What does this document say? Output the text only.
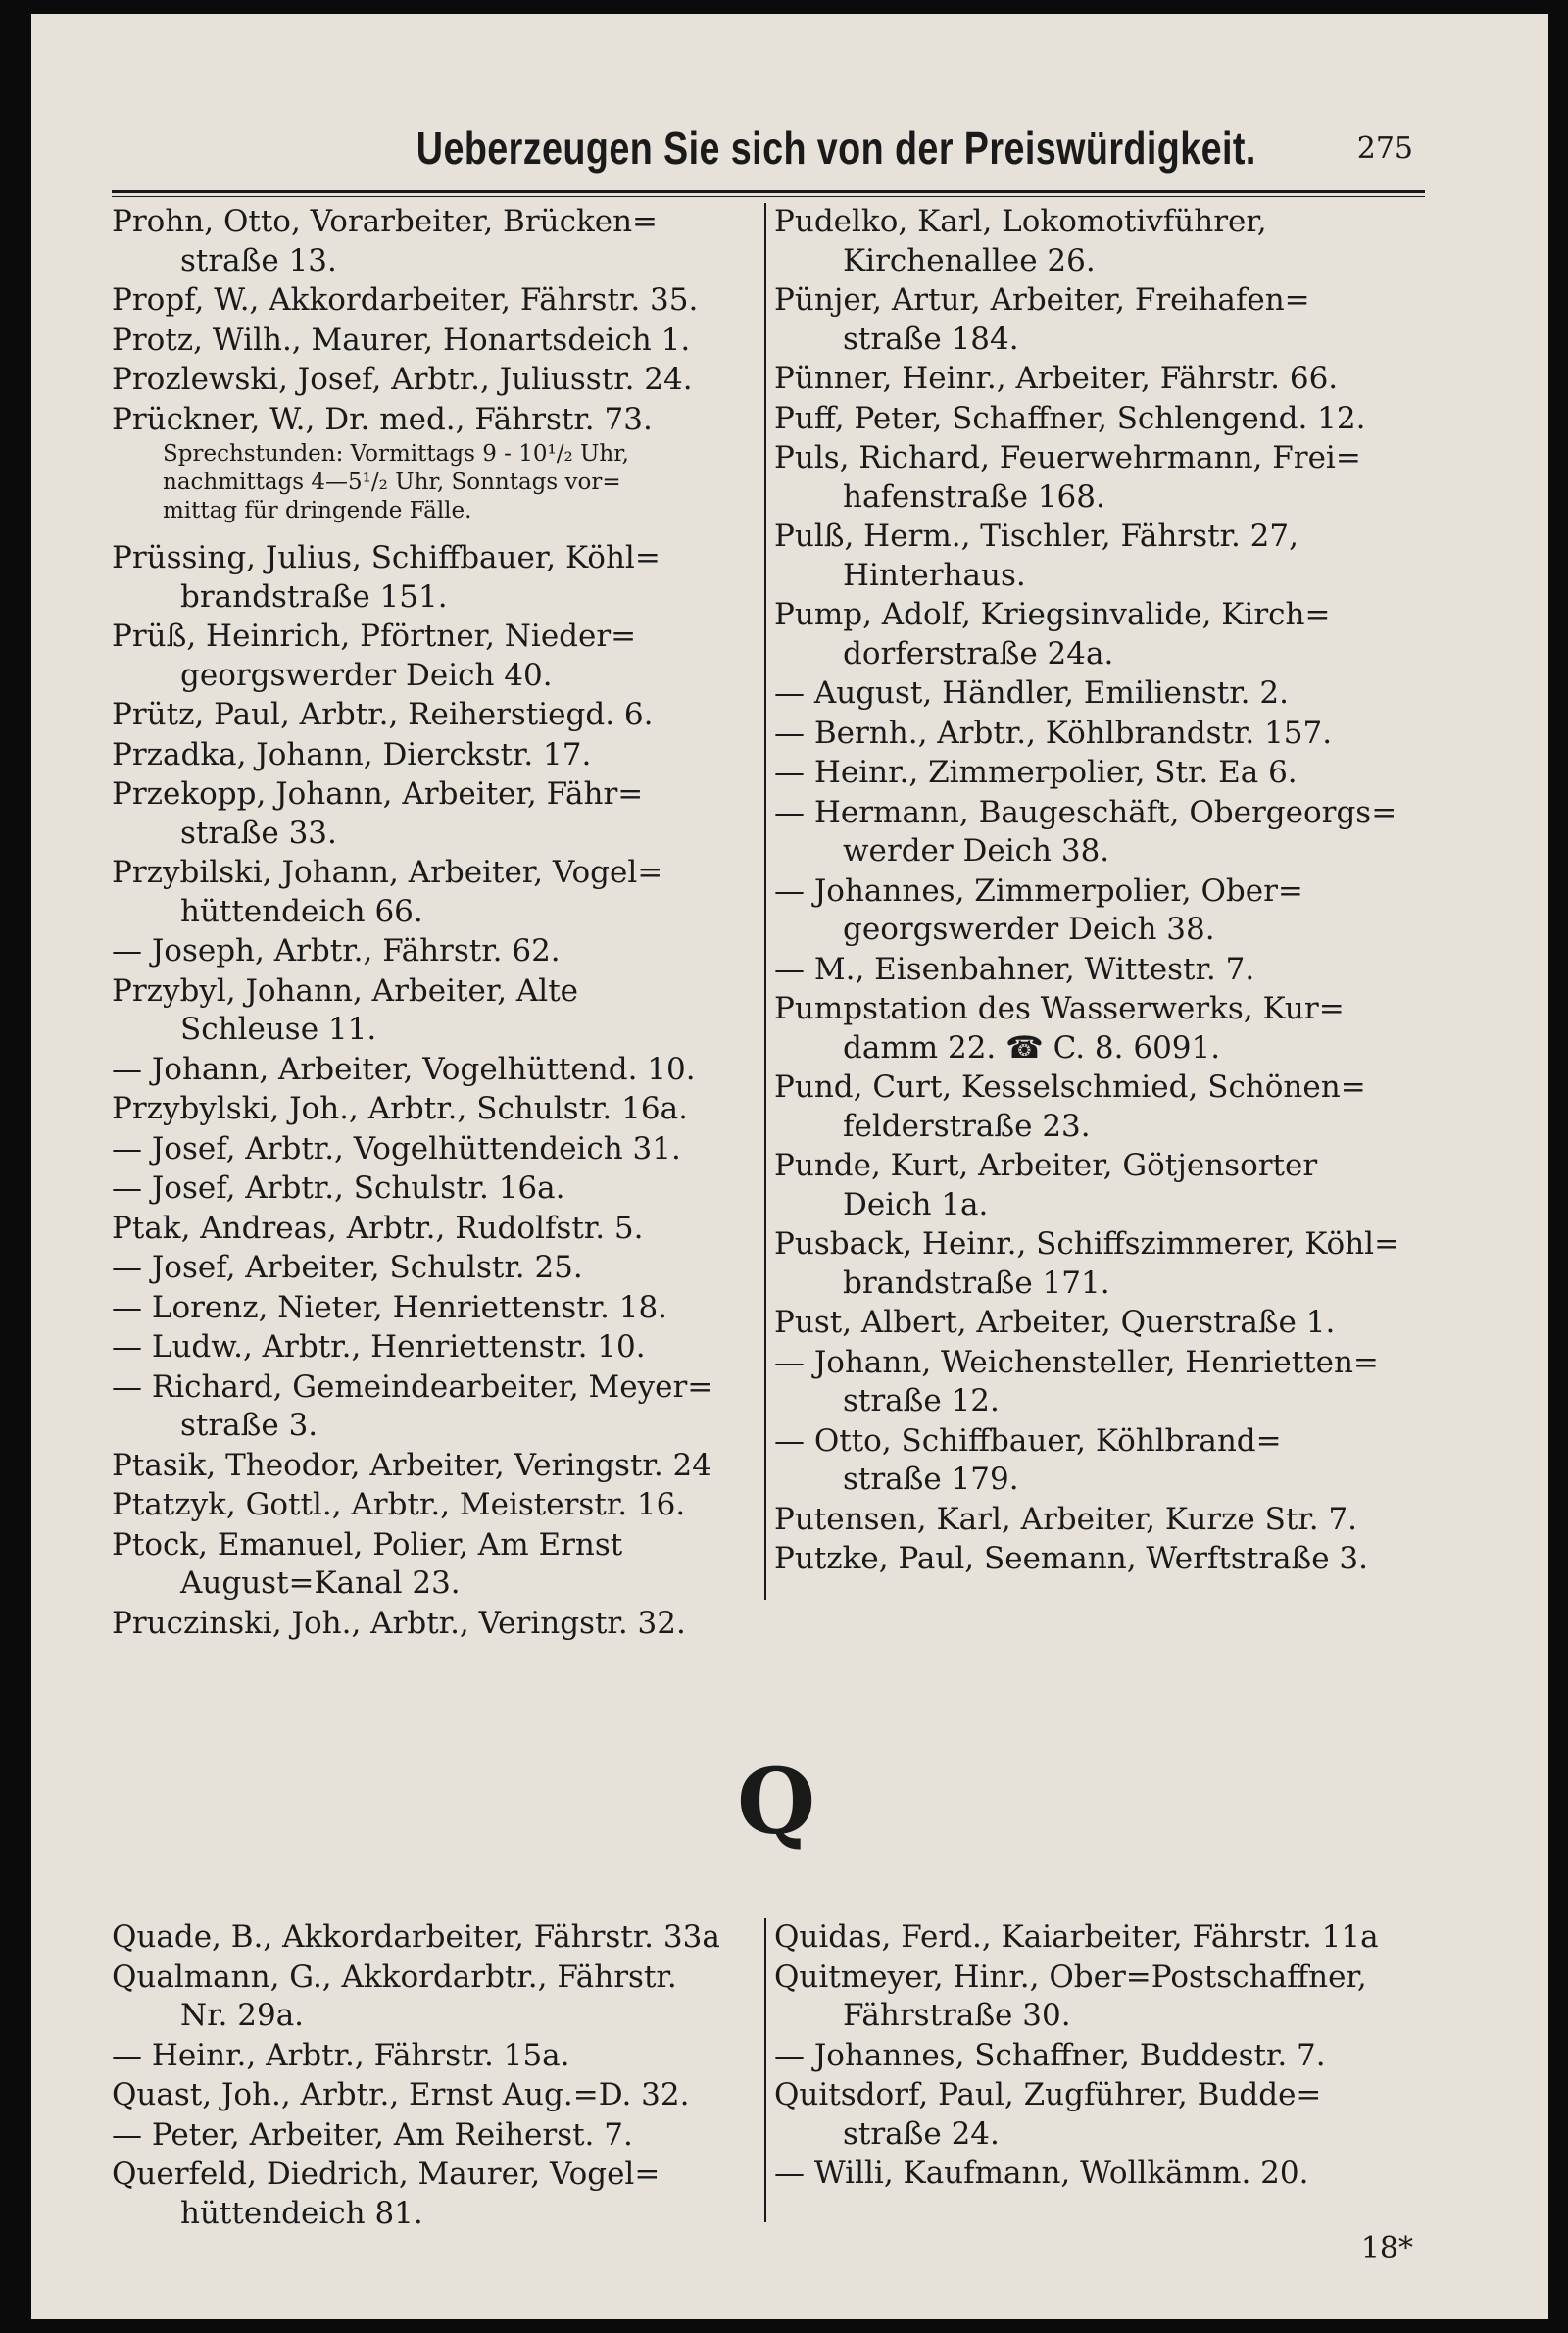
Ueberzeugen Sie sich von der Preiswürdigkeit.	275
Prohn, Otto, Vorarbeiter, Brücken=
straße 13.
Propf, W., Akkordarbeiter, Fährstr. 35.
Protz, Wilh., Maurer, Honartsdeich 1.
Prozlewski, Josef, Arbtr., Juliusstr. 24.
Prückner, W., Dr. med., Fährstr. 73.
Sprechstunden: Vormittags 9 - 10¹/₂ Uhr,
nachmittags 4—5¹/₂ Uhr, Sonntags vor=
mittag für dringende Fälle.
Prüssing, Julius, Schiffbauer, Köhl=
brandstraße 151.
Prüß, Heinrich, Pförtner, Nieder=
georgswerder Deich 40.
Prütz, Paul, Arbtr., Reiherstiegd. 6.
Przadka, Johann, Dierckstr. 17.
Przekopp, Johann, Arbeiter, Fähr=
straße 33.
Przybilski, Johann, Arbeiter, Vogel=
hüttendeich 66.
— Joseph, Arbtr., Fährstr. 62.
Przybyl, Johann, Arbeiter, Alte
Schleuse 11.
— Johann, Arbeiter, Vogelhüttend. 10.
Przybylski, Joh., Arbtr., Schulstr. 16a.
— Josef, Arbtr., Vogelhüttendeich 31.
— Josef, Arbtr., Schulstr. 16a.
Ptak, Andreas, Arbtr., Rudolfstr. 5.
— Josef, Arbeiter, Schulstr. 25.
— Lorenz, Nieter, Henriettenstr. 18.
— Ludw., Arbtr., Henriettenstr. 10.
— Richard, Gemeindearbeiter, Meyer=
straße 3.
Ptasik, Theodor, Arbeiter, Veringstr. 24
Ptatzyk, Gottl., Arbtr., Meisterstr. 16.
Ptock, Emanuel, Polier, Am Ernst
August=Kanal 23.
Pruczinski, Joh., Arbtr., Veringstr. 32.
Pudelko, Karl, Lokomotivführer,
Kirchenallee 26.
Pünjer, Artur, Arbeiter, Freihafen=
straße 184.
Pünner, Heinr., Arbeiter, Fährstr. 66.
Puff, Peter, Schaffner, Schlengend. 12.
Puls, Richard, Feuerwehrmann, Frei=
hafenstraße 168.
Pulß, Herm., Tischler, Fährstr. 27,
Hinterhaus.
Pump, Adolf, Kriegsinvalide, Kirch=
dorferstraße 24a.
— August, Händler, Emilienstr. 2.
— Bernh., Arbtr., Köhlbrandstr. 157.
— Heinr., Zimmerpolier, Str. Ea 6.
— Hermann, Baugeschäft, Obergeorgs=
werder Deich 38.
— Johannes, Zimmerpolier, Ober=
georgswerder Deich 38.
— M., Eisenbahner, Wittestr. 7.
Pumpstation des Wasserwerks, Kur=
damm 22. ☎ C. 8. 6091.
Pund, Curt, Kesselschmied, Schönen=
felderstraße 23.
Punde, Kurt, Arbeiter, Götjensorter
Deich 1a.
Pusback, Heinr., Schiffszimmerer, Köhl=
brandstraße 171.
Pust, Albert, Arbeiter, Querstraße 1.
— Johann, Weichensteller, Henrietten=
straße 12.
— Otto, Schiffbauer, Köhlbrand=
straße 179.
Putensen, Karl, Arbeiter, Kurze Str. 7.
Putzke, Paul, Seemann, Werftstraße 3.
Q
Quade, B., Akkordarbeiter, Fährstr. 33a
Qualmann, G., Akkordarbtr., Fährstr.
Nr. 29a.
— Heinr., Arbtr., Fährstr. 15a.
Quast, Joh., Arbtr., Ernst Aug.=D. 32.
— Peter, Arbeiter, Am Reiherst. 7.
Querfeld, Diedrich, Maurer, Vogel=
hüttendeich 81.
Quidas, Ferd., Kaiarbeiter, Fährstr. 11a
Quitmeyer, Hinr., Ober=Postschaffner,
Fährstraße 30.
— Johannes, Schaffner, Buddestr. 7.
Quitsdorf, Paul, Zugführer, Budde=
straße 24.
— Willi, Kaufmann, Wollkämm. 20.
18*
